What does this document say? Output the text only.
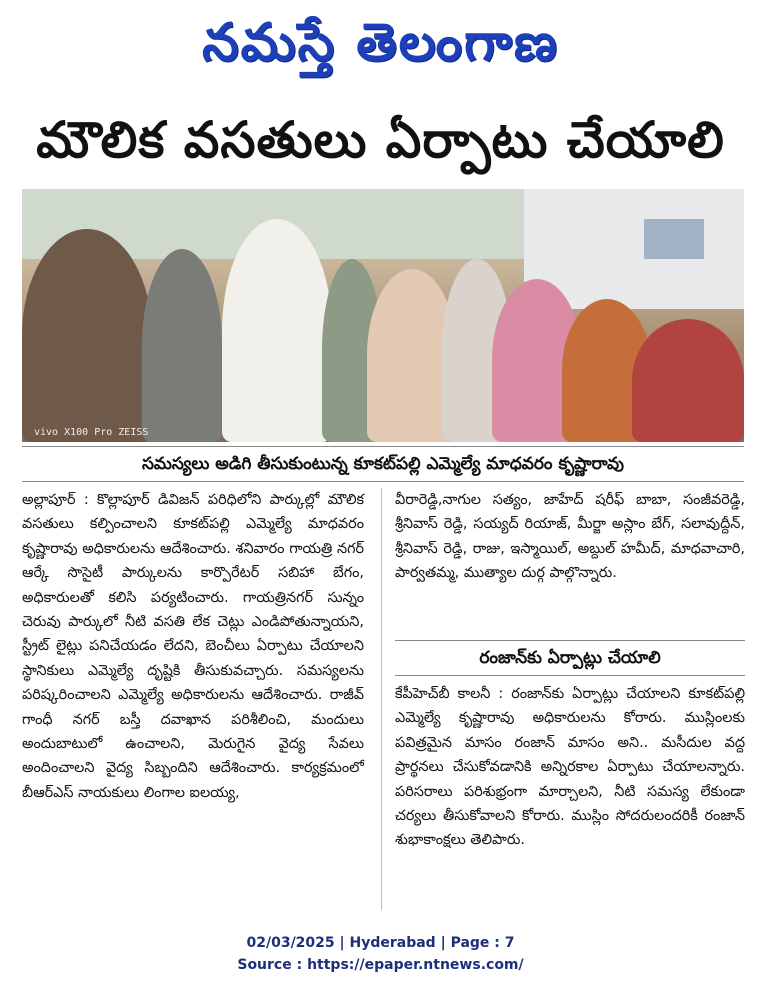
నమస్తే తెలంగాణ
మౌలిక వసతులు ఏర్పాటు చేయాలి
vivo X100 Pro ZEISS
సమస్యలు అడిగి తీసుకుంటున్న కూకట్‌పల్లి ఎమ్మెల్యే మాధవరం కృష్ణారావు

అల్లాపూర్ : కొల్లాపూర్ డివిజన్ పరిధిలోని పార్కుల్లో మౌలిక వసతులు కల్పించాలని కూకట్‌పల్లి ఎమ్మెల్యే మాధవరం కృష్ణారావు అధికారులను ఆదేశించారు. శనివారం గాయత్రి నగర్ ఆర్కే సొసైటీ పార్కులను కార్పొరేటర్ సబిహా బేగం, అధికారులతో కలిసి పర్యటించారు. గాయత్రినగర్ సున్నం చెరువు పార్కులో నీటి వసతి లేక చెట్లు ఎండిపోతున్నాయని, స్ట్రీట్ లైట్లు పనిచేయడం లేదని, బెంచీలు ఏర్పాటు చేయాలని స్థానికులు ఎమ్మెల్యే దృష్టికి తీసుకువచ్చారు. సమస్యలను పరిష్కరించాలని ఎమ్మెల్యే అధికారులను ఆదేశించారు. రాజీవ్ గాంధీ నగర్ బస్తీ దవాఖాన పరిశీలించి, మందులు అందుబాటులో ఉంచాలని, మెరుగైన వైద్య సేవలు అందించాలని వైద్య సిబ్బందిని ఆదేశించారు. కార్యక్రమంలో బీఆర్ఎస్ నాయకులు లింగాల ఐలయ్య,

వీరారెడ్డి,నాగుల సత్యం, జాహేద్ షరీఫ్ బాబా, సంజీవరెడ్డి, శ్రీనివాస్ రెడ్డి, సయ్యద్ రియాజ్, మీర్జా అస్లాం బేగ్, సలావుద్దీన్, శ్రీనివాస్ రెడ్డి, రాజు, ఇస్మాయిల్, అబ్దుల్ హమీద్, మాధవాచారి, పార్వతమ్మ, ముత్యాల దుర్గ పాల్గొన్నారు.

రంజాన్‌కు ఏర్పాట్లు చేయాలి

కేపీహెచ్‌బీ కాలనీ : రంజాన్‌కు ఏర్పాట్లు చేయాలని కూకట్‌పల్లి ఎమ్మెల్యే కృష్ణారావు అధికారులను కోరారు. ముస్లింలకు పవిత్రమైన మాసం రంజాన్ మాసం అని.. మసీదుల వద్ద ప్రార్థనలు చేసుకోవడానికి అన్నిరకాల ఏర్పాటు చేయాలన్నారు. పరిసరాలు పరిశుభ్రంగా మార్చాలని, నీటి సమస్య లేకుండా చర్యలు తీసుకోవాలని కోరారు. ముస్లిం సోదరులందరికీ రంజాన్ శుభాకాంక్షలు తెలిపారు.

02/03/2025 | Hyderabad | Page : 7
Source : https://epaper.ntnews.com/
